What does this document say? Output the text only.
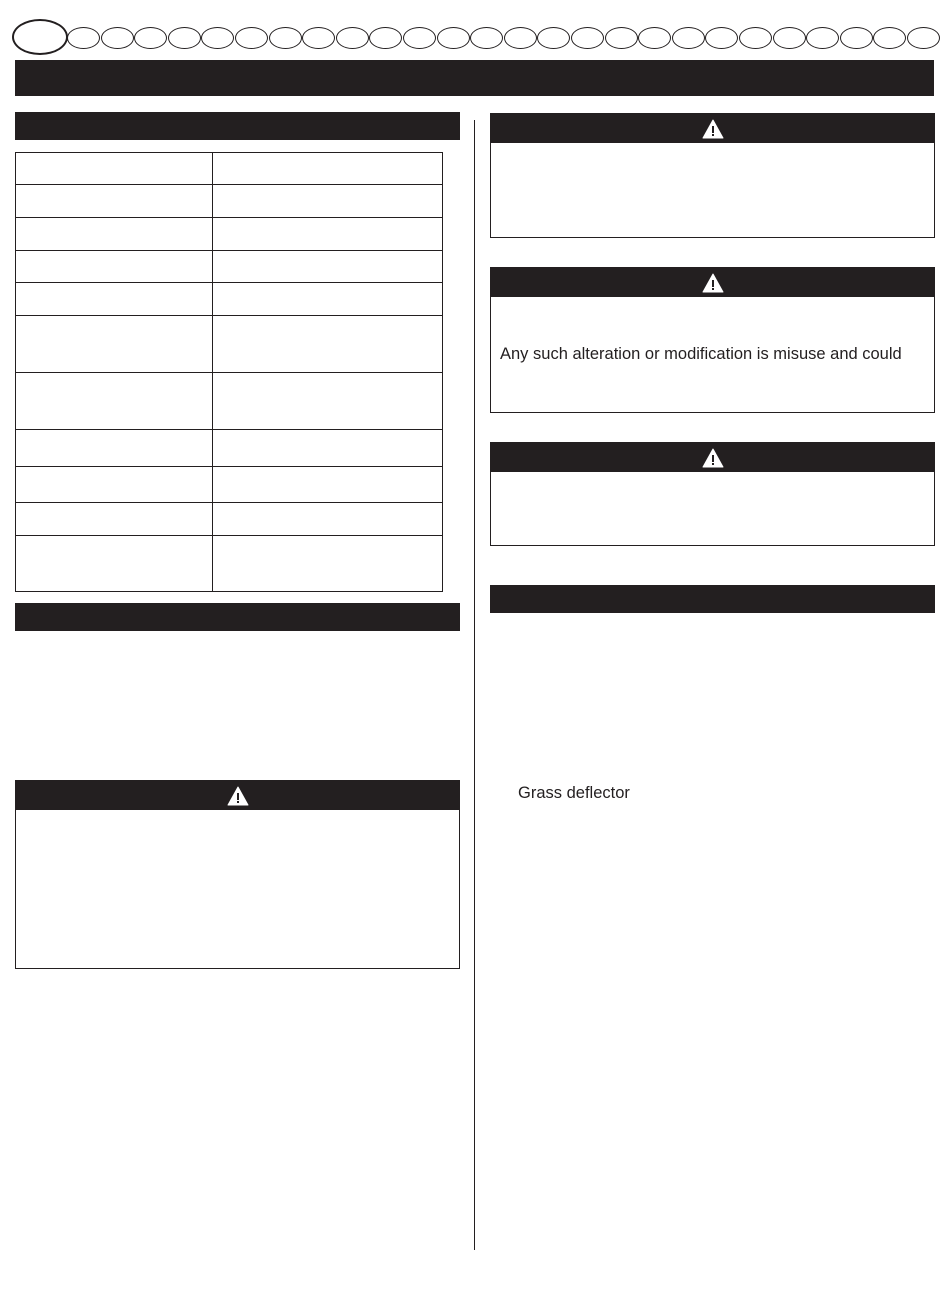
Any such alteration or modification is misuse and could
Grass deflector
